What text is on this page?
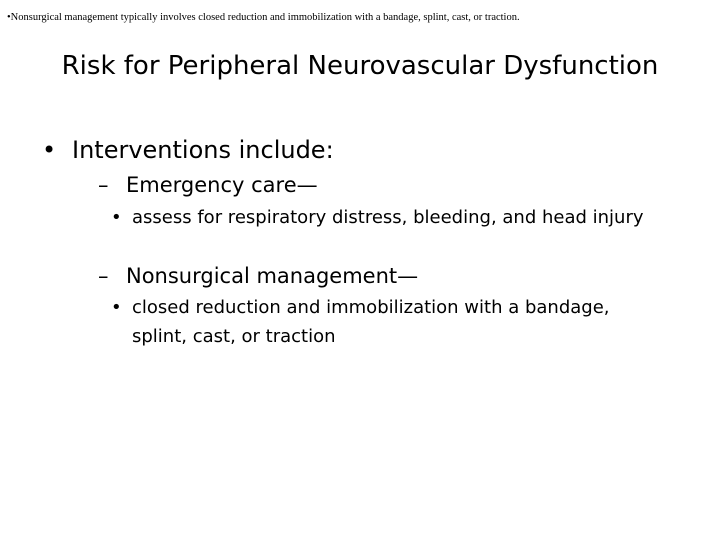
•Nonsurgical management typically involves closed reduction and immobilization with a bandage, splint, cast, or traction.
Risk for Peripheral Neurovascular Dysfunction
• Interventions include:
– Emergency care—
• assess for respiratory distress, bleeding, and head injury
– Nonsurgical management—
• closed reduction and immobilization with a bandage, splint, cast, or traction
